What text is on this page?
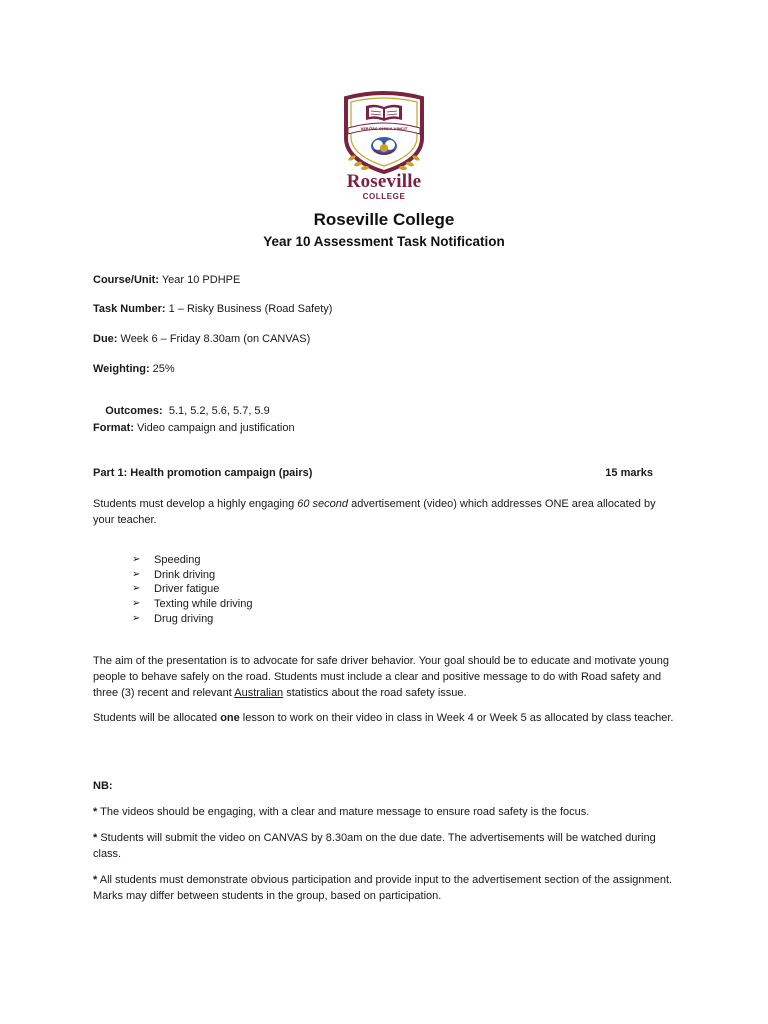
VERITAS OMNIA VINCIT
Roseville
COLLEGE
Roseville College
Year 10 Assessment Task Notification
Course/Unit: Year 10 PDHPE
Task Number: 1 – Risky Business (Road Safety)
Due: Week 6 – Friday 8.30am (on CANVAS)
Weighting: 25%

Outcomes:  5.1, 5.2, 5.6, 5.7, 5.9

Format: Video campaign and justification
Part 1: Health promotion campaign (pairs)	15 marks
Students must develop a highly engaging 60 second advertisement (video) which addresses ONE area allocated by your teacher.
➢ Speeding
➢ Drink driving
➢ Driver fatigue
➢ Texting while driving
➢ Drug driving
The aim of the presentation is to advocate for safe driver behavior. Your goal should be to educate and motivate young people to behave safely on the road. Students must include a clear and positive message to do with Road safety and three (3) recent and relevant Australian statistics about the road safety issue.
Students will be allocated one lesson to work on their video in class in Week 4 or Week 5 as allocated by class teacher.
NB:
* The videos should be engaging, with a clear and mature message to ensure road safety is the focus.
* Students will submit the video on CANVAS by 8.30am on the due date. The advertisements will be watched during class.
* All students must demonstrate obvious participation and provide input to the advertisement section of the assignment. Marks may differ between students in the group, based on participation.
